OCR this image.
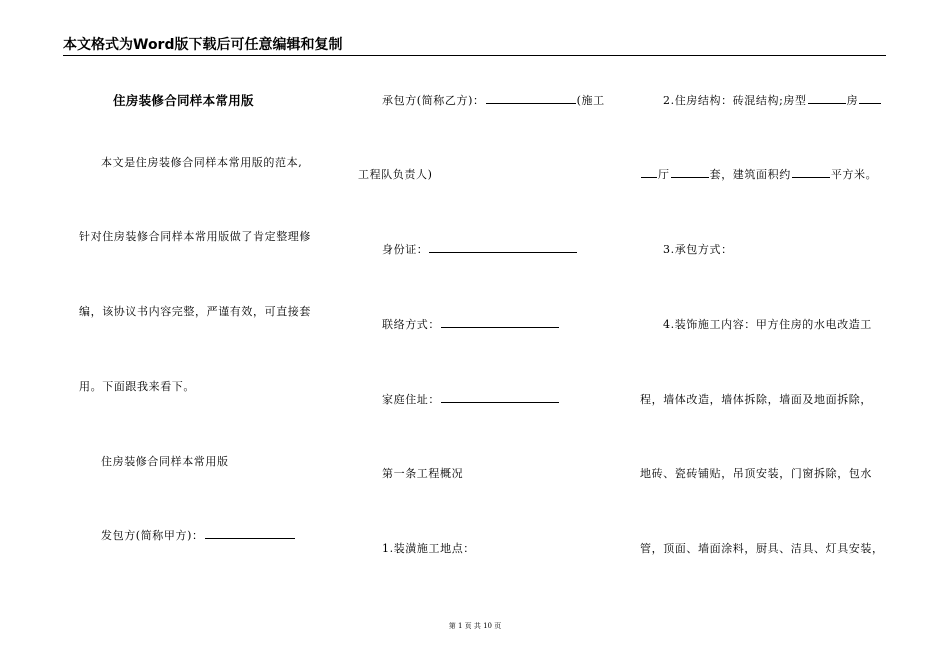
本文格式为Word版下载后可任意编辑和复制
住房装修合同样本常用版
本文是住房装修合同样本常用版的范本,
针对住房装修合同样本常用版做了肯定整理修
编，该协议书内容完整，严谨有效，可直接套
用。下面跟我来看下。
住房装修合同样本常用版
发包方(简称甲方)：
承包方(简称乙方)：	(施工
工程队负责人)
身份证：
联络方式：
家庭住址：
第一条工程概况
1.装潢施工地点：
2.住房结构：砖混结构;房型	房
厅	套，建筑面积约	平方米。
3.承包方式：
4.装饰施工内容：甲方住房的水电改造工
程，墙体改造，墙体拆除，墙面及地面拆除，
地砖、瓷砖铺贴，吊顶安装，门窗拆除，包水
管，顶面、墙面涂料，厨具、洁具、灯具安装，
第 1 页 共 10 页
